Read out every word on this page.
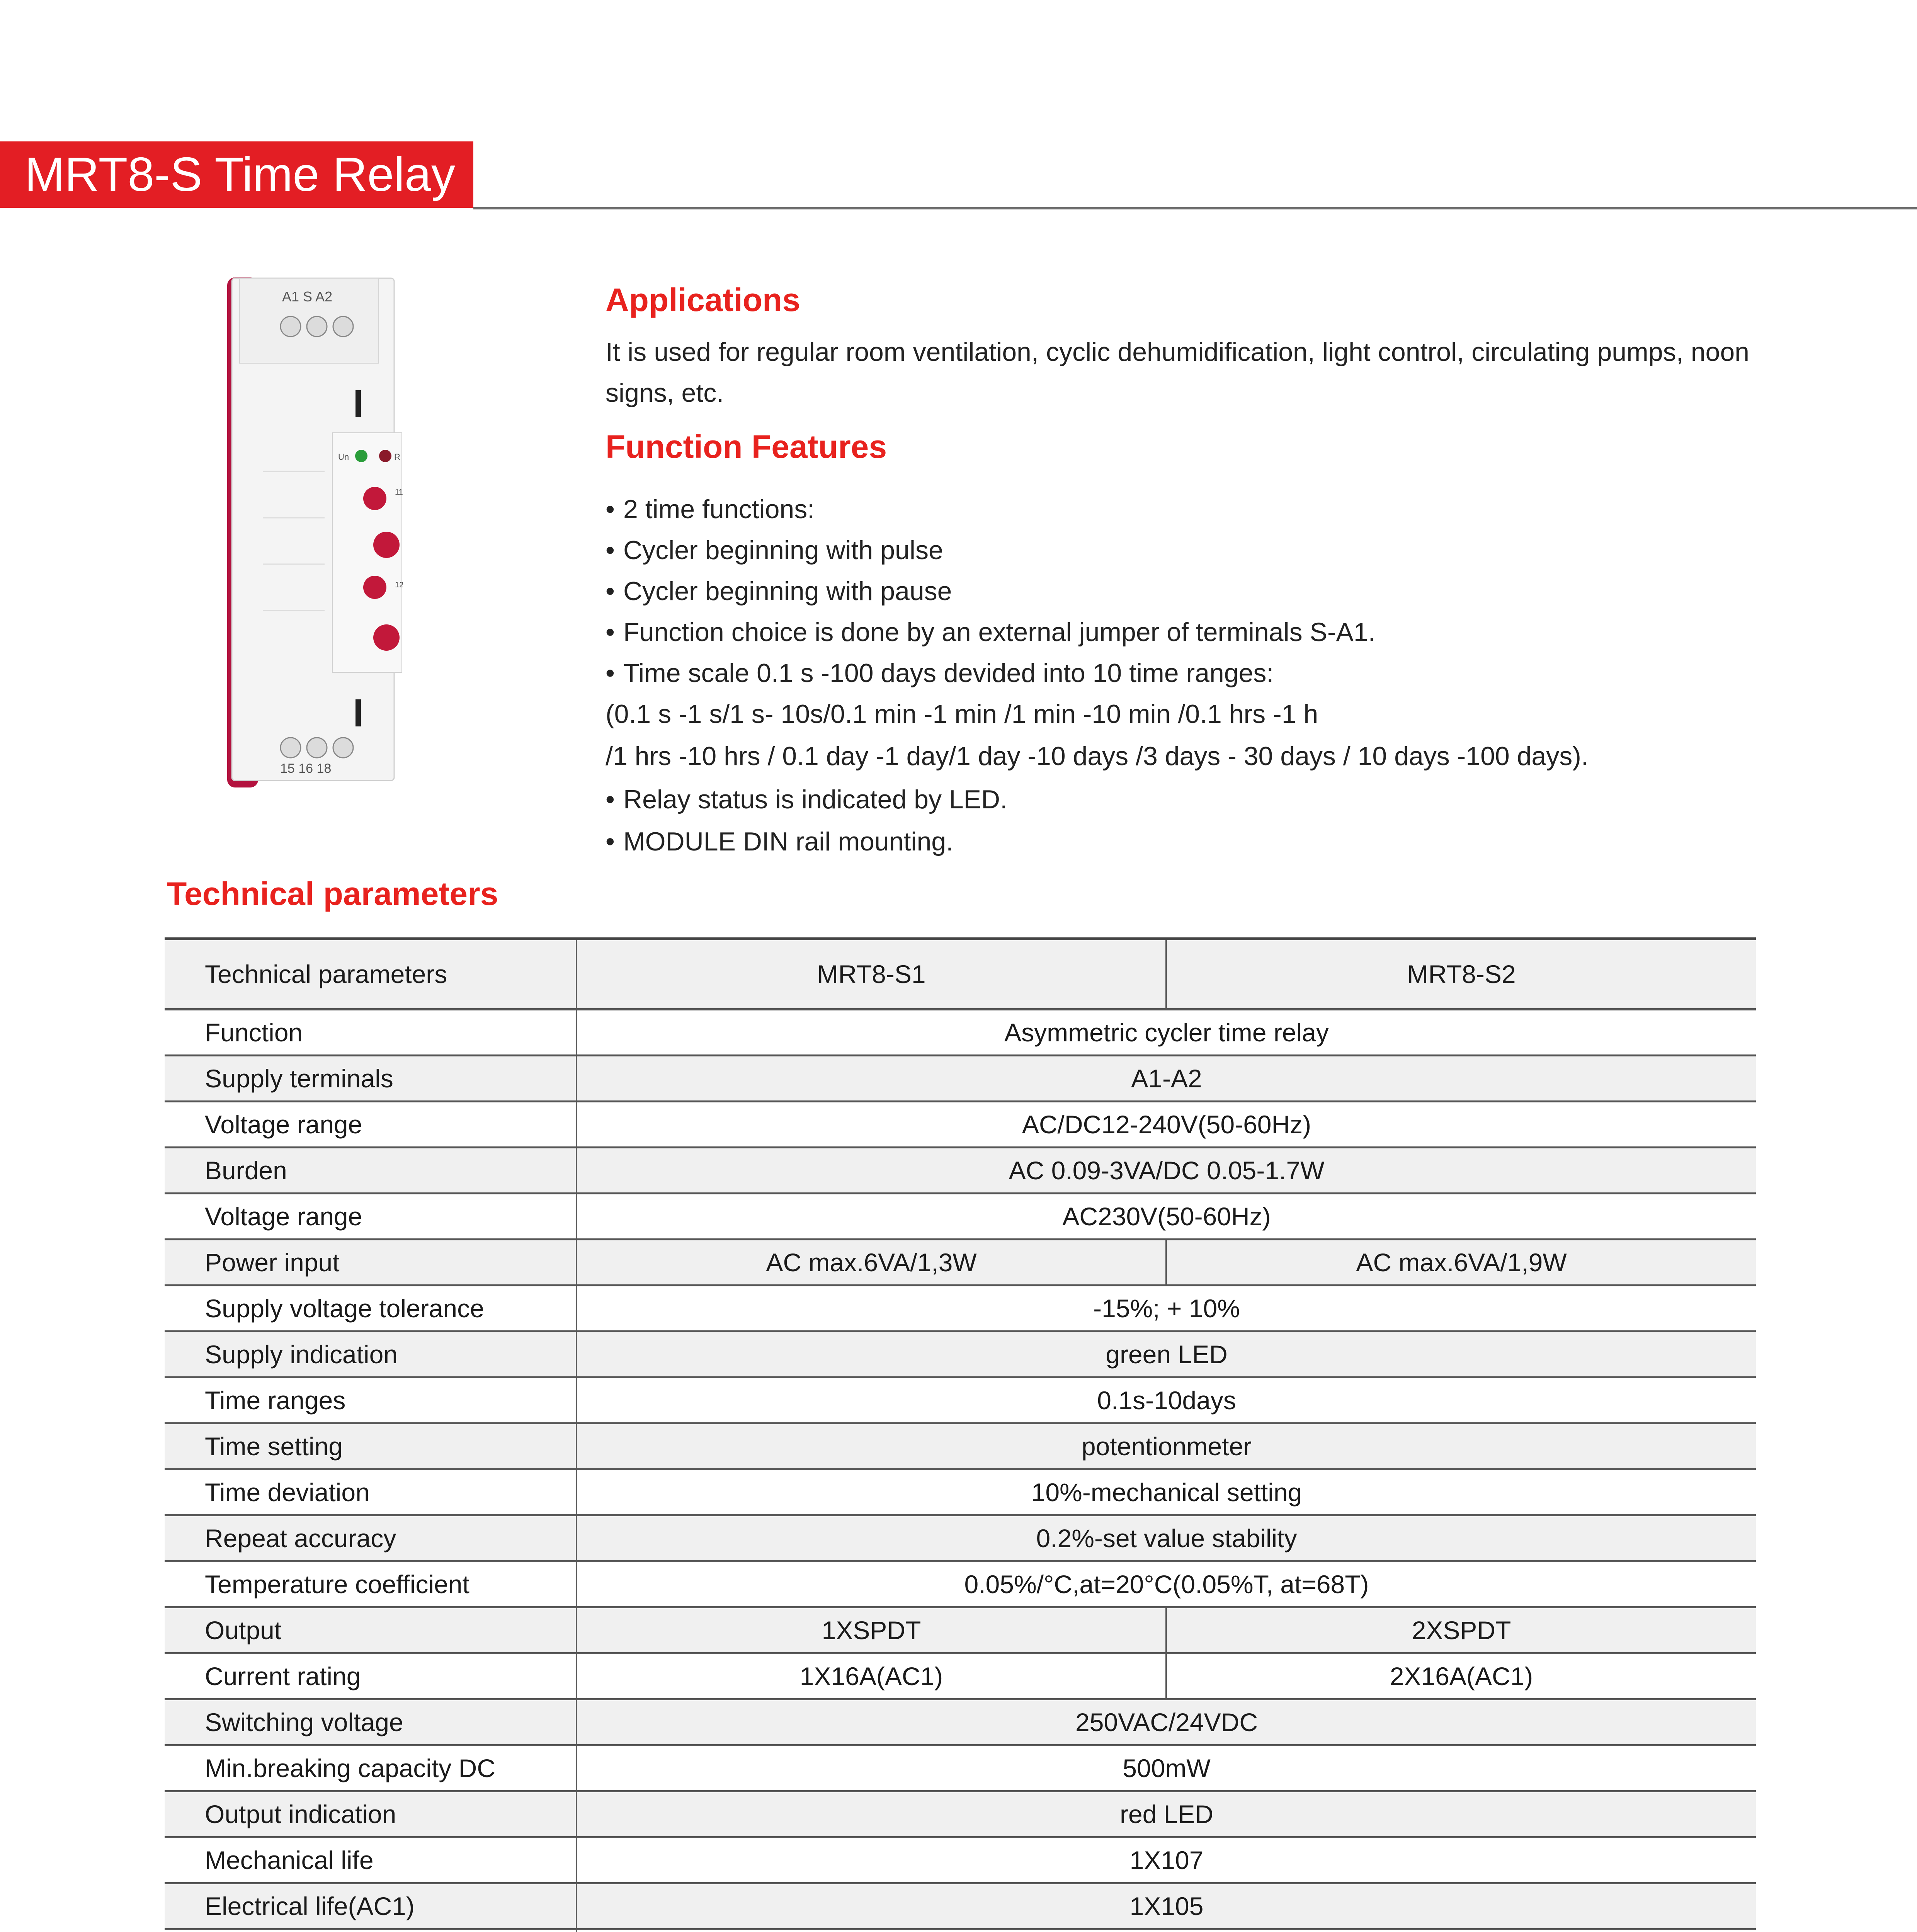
MRT8-S Time Relay
A1 S A2
Un	R
11
12
15 16 18
Applications
It is used for regular room ventilation, cyclic dehumidification, light control, circulating pumps, noon signs, etc.
Function Features
• 2 time functions:
• Cycler beginning with pulse
• Cycler beginning with pause
• Function choice is done by an external jumper of terminals S-A1.
• Time scale 0.1 s -100 days devided into 10 time ranges:
(0.1 s -1 s/1 s- 10s/0.1 min -1 min /1 min -10 min /0.1 hrs -1 h
/1 hrs -10 hrs / 0.1 day -1 day/1 day -10 days /3 days - 30 days / 10 days -100 days).
• Relay status is indicated by LED.
• MODULE DIN rail mounting.
Technical parameters
Technical parameters	MRT8-S1	MRT8-S2
Function	Asymmetric cycler time relay	
Supply terminals	A1-A2	
Voltage range	AC/DC12-240V(50-60Hz)	
Burden	AC 0.09-3VA/DC 0.05-1.7W	
Voltage range	AC230V(50-60Hz)	
Power input	AC max.6VA/1,3W	AC max.6VA/1,9W
Supply voltage tolerance	-15%; + 10%	
Supply indication	green LED	
Time ranges	0.1s-10days	
Time setting	potentionmeter	
Time deviation	10%-mechanical setting	
Repeat accuracy	0.2%-set value stability	
Temperature coefficient	0.05%/°C,at=20°C(0.05%T, at=68T)	
Output	1XSPDT	2XSPDT
Current rating	1X16A(AC1)	2X16A(AC1)
Switching voltage	250VAC/24VDC	
Min.breaking capacity DC	500mW	
Output indication	red LED	
Mechanical life	1X107	
Electrical life(AC1)	1X105	
